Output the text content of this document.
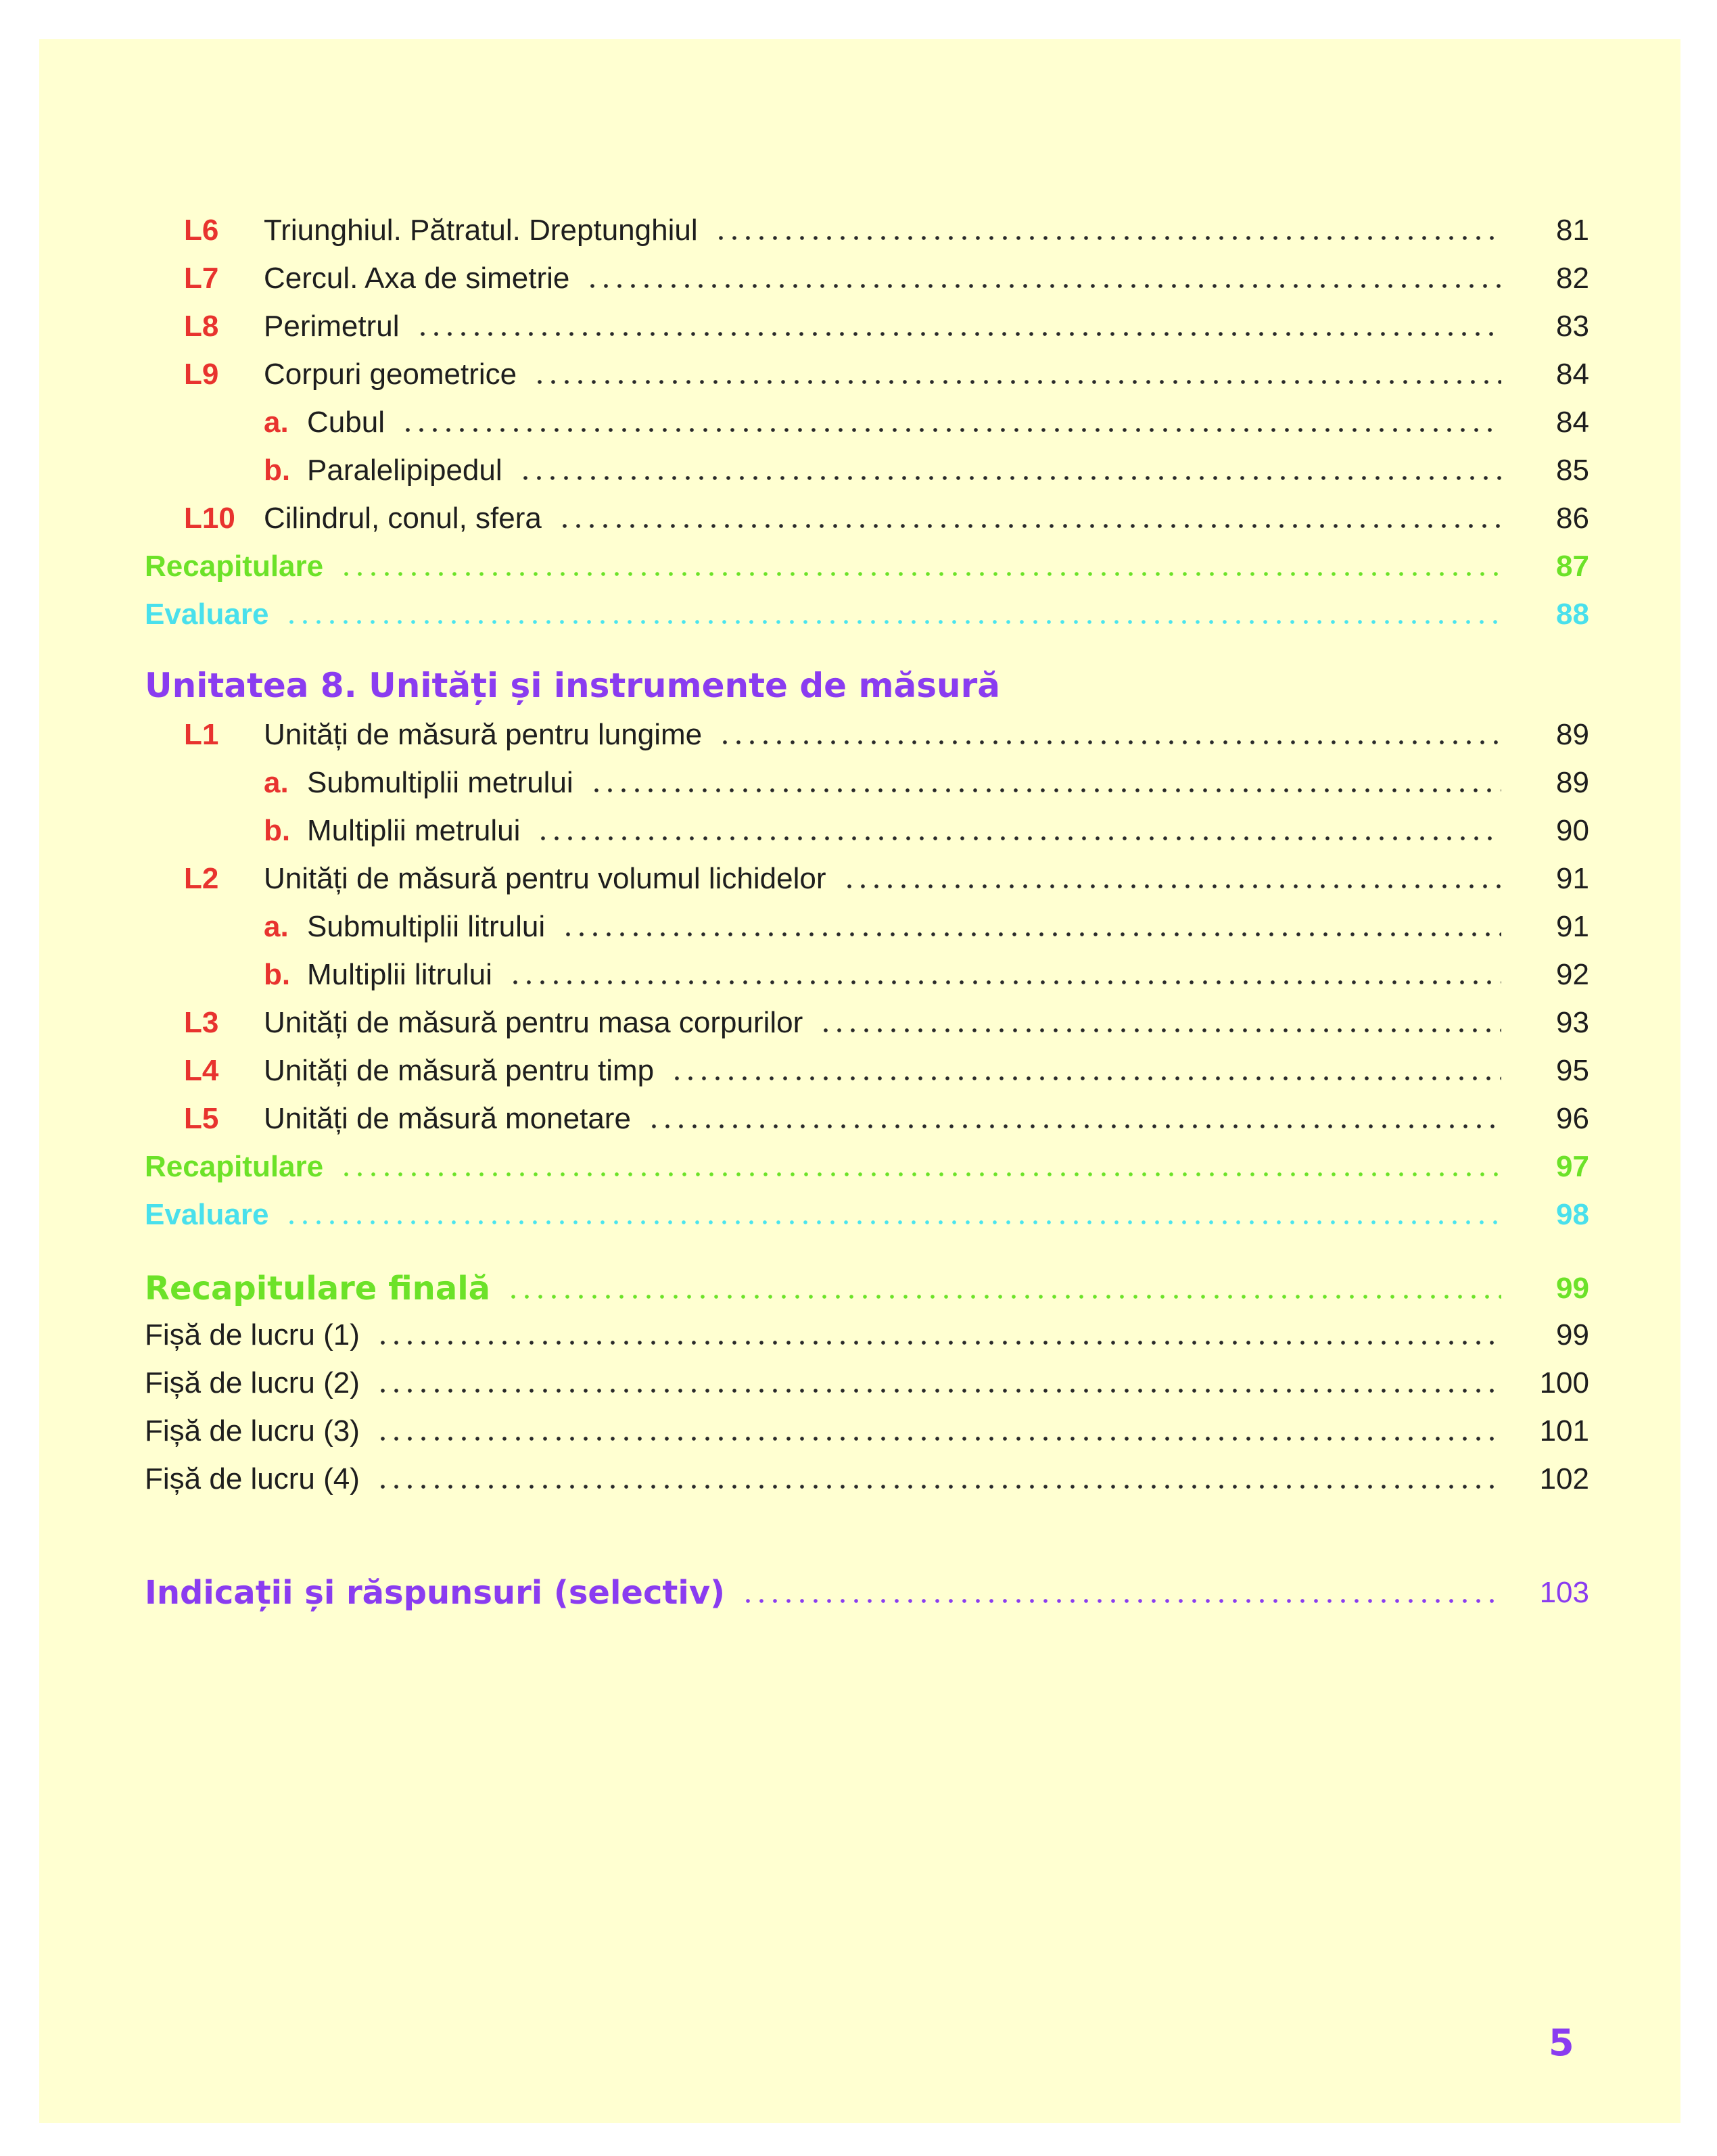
L6	Triunghiul. Pătratul. Dreptunghiul	81
L7	Cercul. Axa de simetrie	82
L8	Perimetrul	83
L9	Corpuri geometrice	84
a. Cubul	84
b. Paralelipipedul	85
L10 Cilindrul, conul, sfera	86
Recapitulare	87
Evaluare	88
Unitatea 8. Unități și instrumente de măsură
L1	Unități de măsură pentru lungime	89
a. Submultiplii metrului	89
b. Multiplii metrului	90
L2	Unități de măsură pentru volumul lichidelor	91
a. Submultiplii litrului	91
b. Multiplii litrului	92
L3	Unități de măsură pentru masa corpurilor	93
L4	Unități de măsură pentru timp	95
L5	Unități de măsură monetare	96
Recapitulare	97
Evaluare	98
Recapitulare finală	99
Fișă de lucru (1)	99
Fișă de lucru (2)	100
Fișă de lucru (3)	101
Fișă de lucru (4)	102
Indicații și răspunsuri (selectiv)	103
5
